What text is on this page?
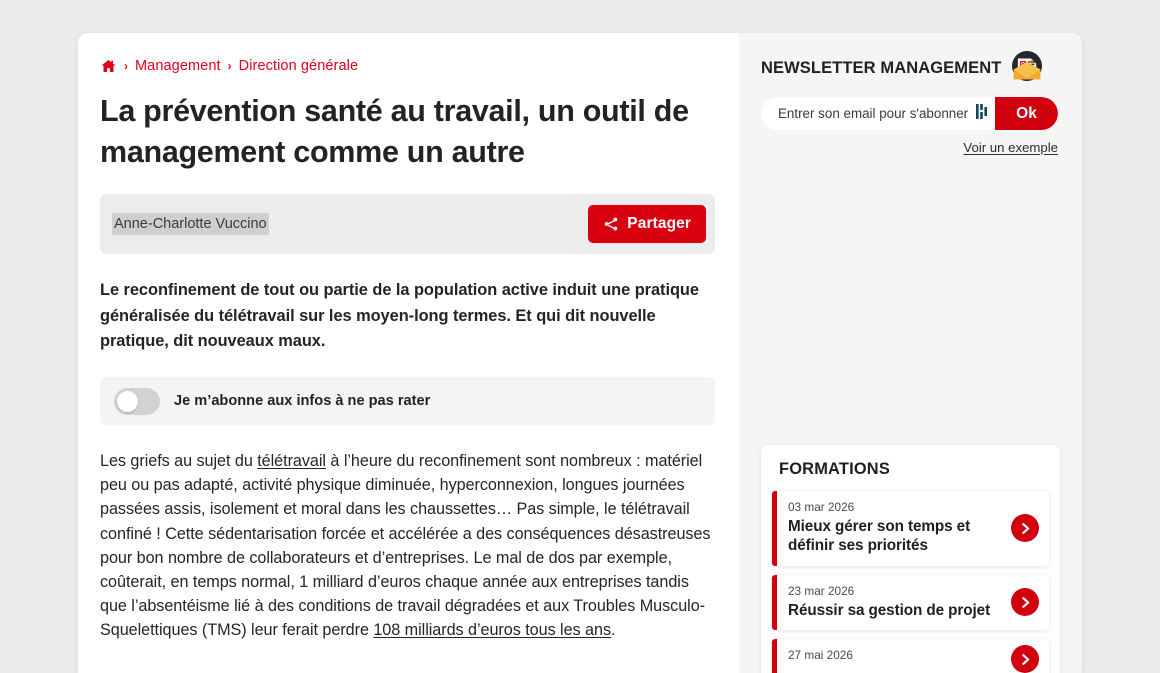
› Management › Direction générale
La prévention santé au travail, un outil de management comme un autre
Anne-Charlotte Vuccino	Partager

Le reconfinement de tout ou partie de la population active induit une pratique généralisée du télétravail sur les moyen-long termes. Et qui dit nouvelle pratique, dit nouveaux maux.

Je m’abonne aux infos à ne pas rater

Les griefs au sujet du télétravail à l’heure du reconfinement sont nombreux : matériel peu ou pas adapté, activité physique diminuée, hyperconnexion, longues journées passées assis, isolement et moral dans les chaussettes… Pas simple, le télétravail confiné ! Cette sédentarisation forcée et accélérée a des conséquences désastreuses pour bon nombre de collaborateurs et d’entreprises. Le mal de dos par exemple, coûterait, en temps normal, 1 milliard d’euros chaque année aux entreprises tandis que l’absentéisme lié à des conditions de travail dégradées et aux Troubles Musculo-Squelettiques (TMS) leur ferait perdre 108 milliards d’euros tous les ans.

NEWSLETTER MANAGEMENT
Entrer son email pour s'abonner
Ok
Voir un exemple
FORMATIONS
03 mar 2026
Mieux gérer son temps et définir ses priorités
23 mar 2026
Réussir sa gestion de projet
27 mai 2026
